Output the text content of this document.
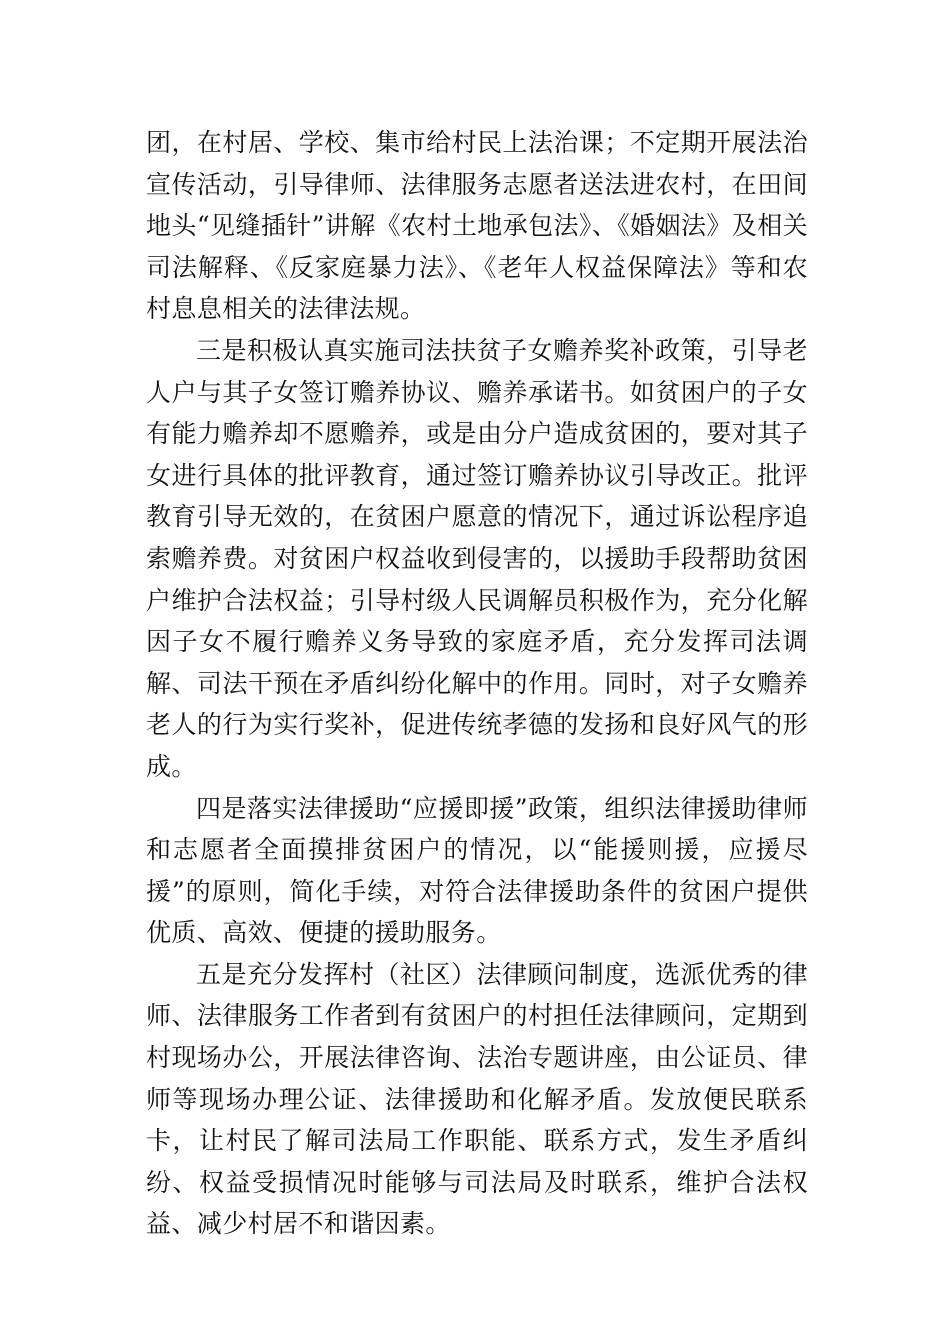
团，在村居、学校、集市给村民上法治课；不定期开展法治宣传活动，引导律师、法律服务志愿者送法进农村，在田间地头“见缝插针”讲解《农村土地承包法》、《婚姻法》及相关司法解释、《反家庭暴力法》、《老年人权益保障法》等和农村息息相关的法律法规。

三是积极认真实施司法扶贫子女赡养奖补政策，引导老人户与其子女签订赡养协议、赡养承诺书。如贫困户的子女有能力赡养却不愿赡养，或是由分户造成贫困的，要对其子女进行具体的批评教育，通过签订赡养协议引导改正。批评教育引导无效的，在贫困户愿意的情况下，通过诉讼程序追索赡养费。对贫困户权益收到侵害的，以援助手段帮助贫困户维护合法权益；引导村级人民调解员积极作为，充分化解因子女不履行赡养义务导致的家庭矛盾，充分发挥司法调解、司法干预在矛盾纠纷化解中的作用。同时，对子女赡养老人的行为实行奖补，促进传统孝德的发扬和良好风气的形成。

四是落实法律援助“应援即援”政策，组织法律援助律师和志愿者全面摸排贫困户的情况，以“能援则援，应援尽援”的原则，简化手续，对符合法律援助条件的贫困户提供优质、高效、便捷的援助服务。

五是充分发挥村（社区）法律顾问制度，选派优秀的律师、法律服务工作者到有贫困户的村担任法律顾问，定期到村现场办公，开展法律咨询、法治专题讲座，由公证员、律师等现场办理公证、法律援助和化解矛盾。发放便民联系卡，让村民了解司法局工作职能、联系方式，发生矛盾纠纷、权益受损情况时能够与司法局及时联系，维护合法权益、减少村居不和谐因素。
